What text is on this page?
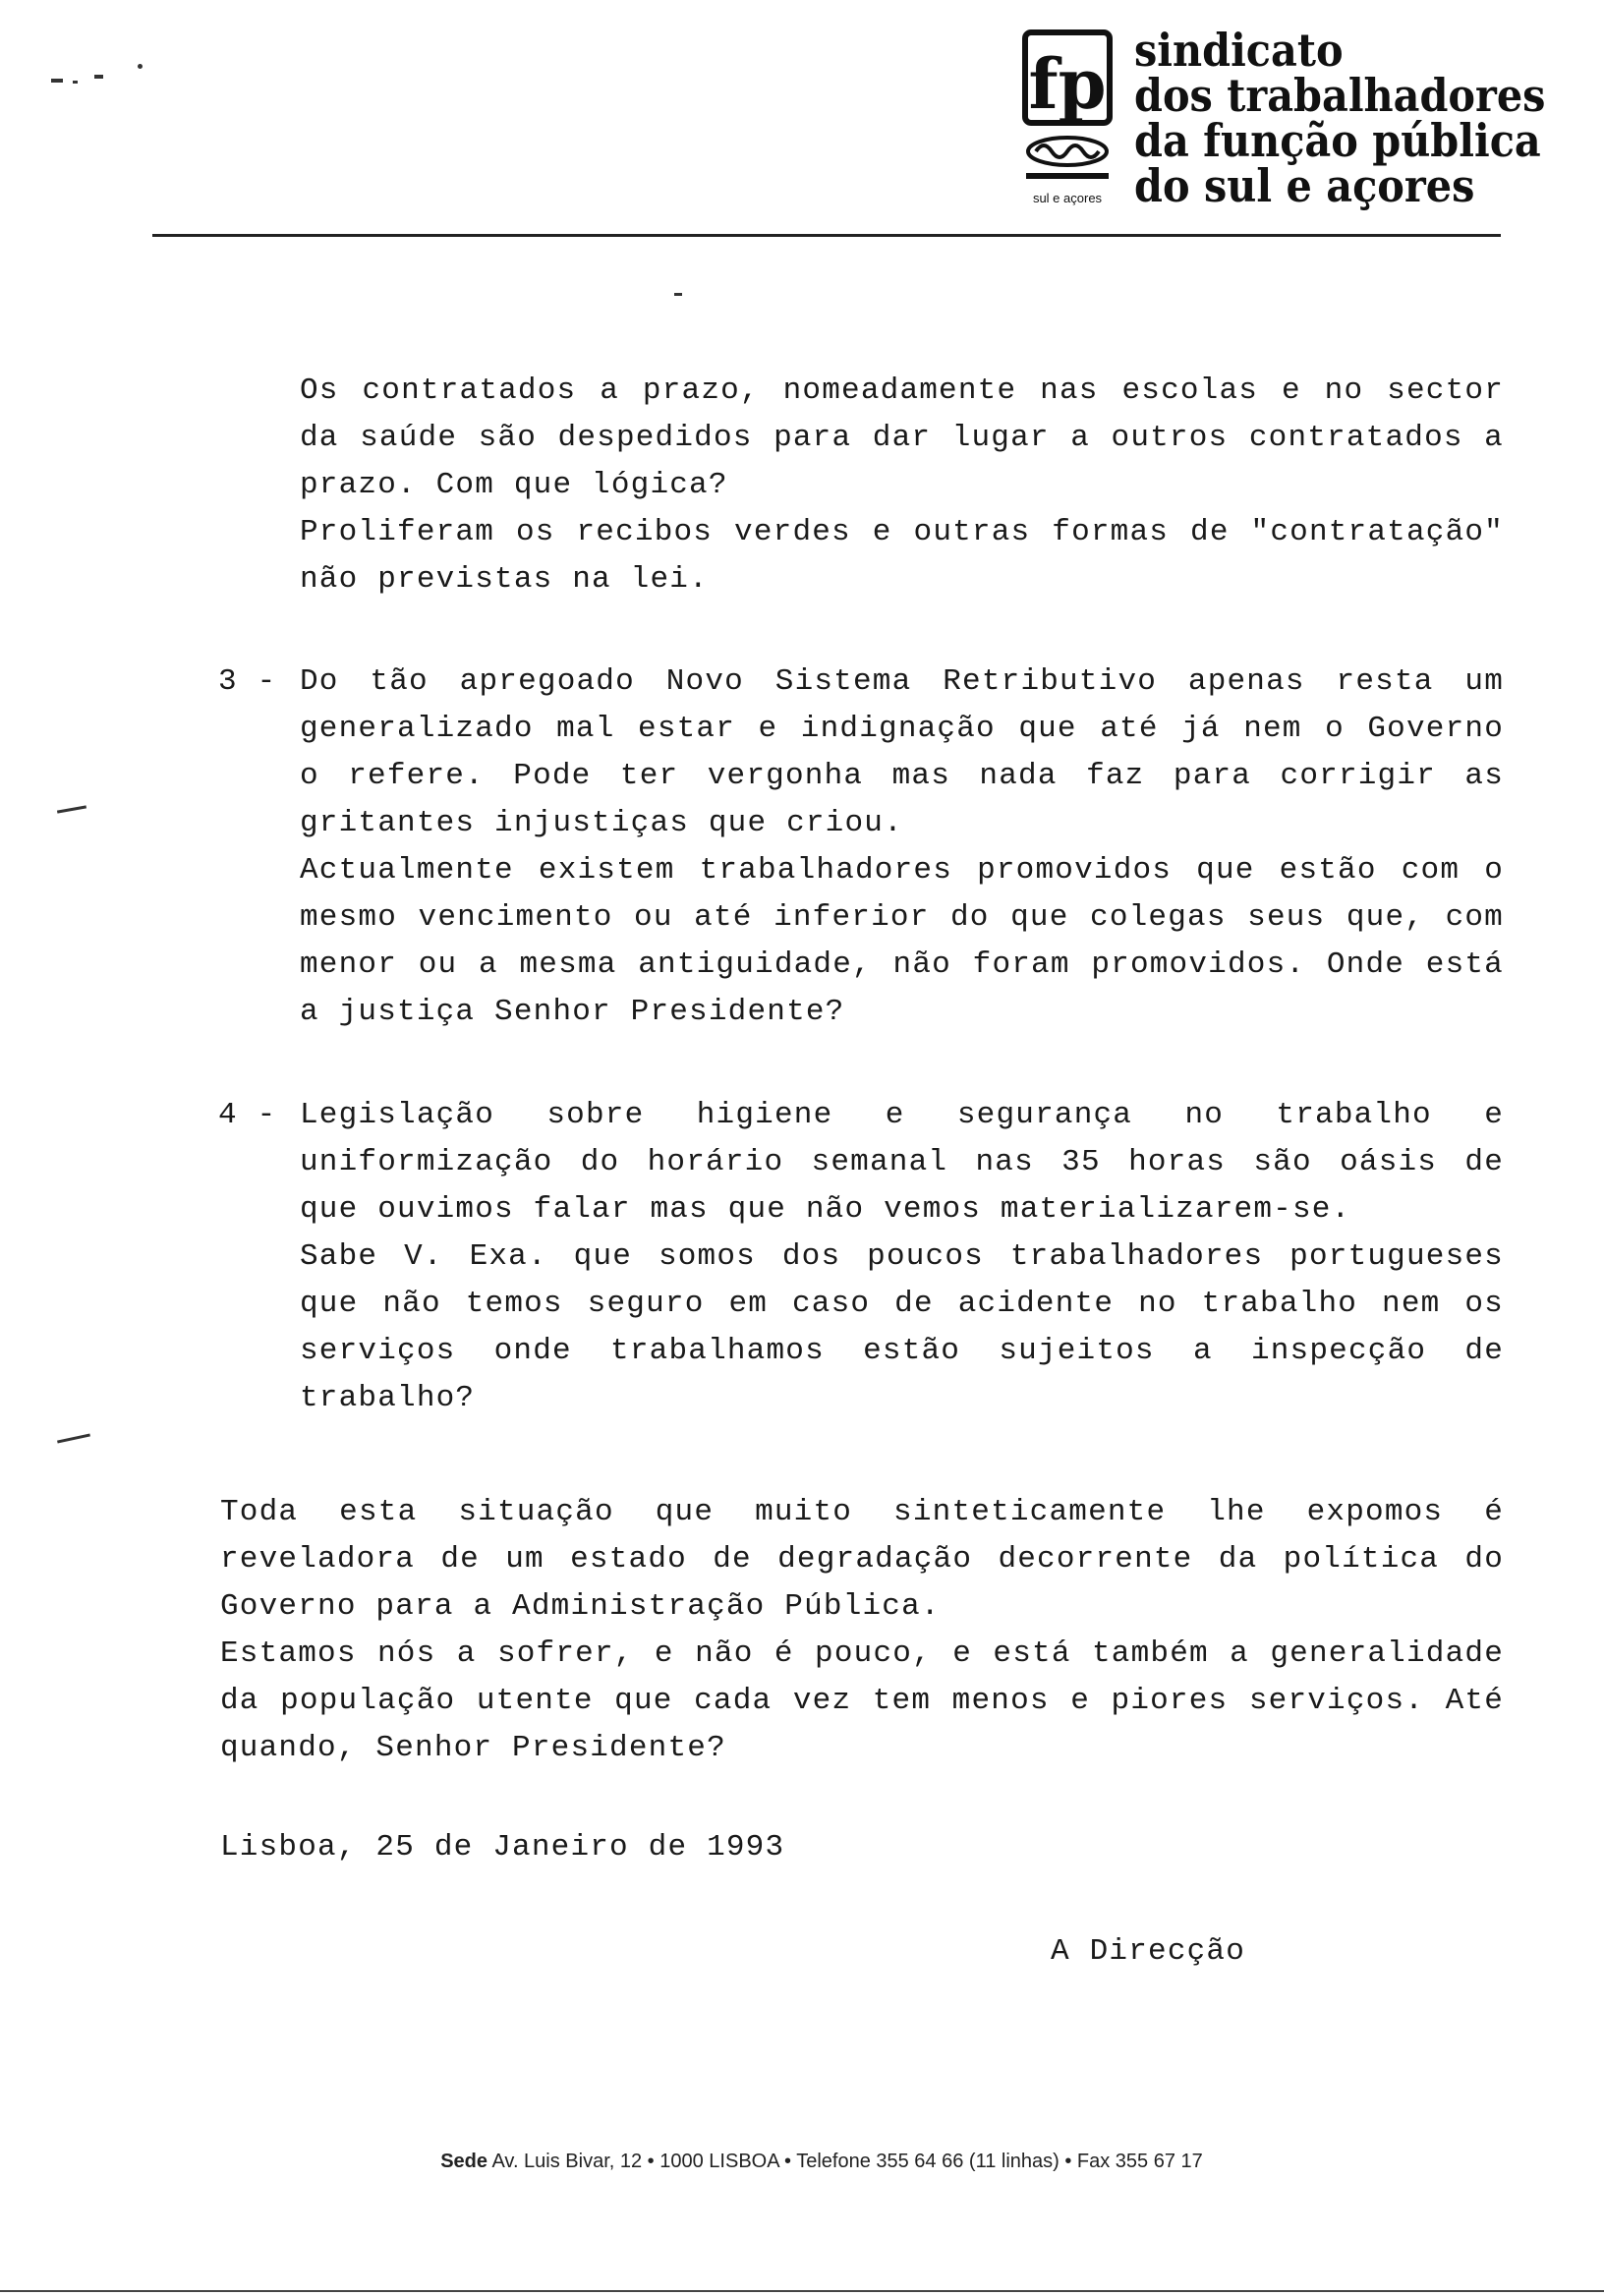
fp
sul e açores
sindicato
dos trabalhadores
da função pública
do sul e açores

Os contratados a prazo, nomeadamente nas escolas e no sector da saúde são despedidos para dar lugar a outros contratados a prazo. Com que lógica?

Proliferam os recibos verdes e outras formas de "contratação" não previstas na lei.

3 - Do tão apregoado Novo Sistema Retributivo apenas resta um generalizado mal estar e indignação que até já nem o Governo o refere. Pode ter vergonha mas nada faz para corrigir as gritantes injustiças que criou.

Actualmente existem trabalhadores promovidos que estão com o mesmo vencimento ou até inferior do que colegas seus que, com menor ou a mesma antiguidade, não foram promovidos. Onde está a justiça Senhor Presidente?

4 - Legislação sobre higiene e segurança no trabalho e uniformização do horário semanal nas 35 horas são oásis de que ouvimos falar mas que não vemos materializarem-se.

Sabe V. Exa. que somos dos poucos trabalhadores portugueses que não temos seguro em caso de acidente no trabalho nem os serviços onde trabalhamos estão sujeitos a inspecção de trabalho?

Toda esta situação que muito sinteticamente lhe expomos é reveladora de um estado de degradação decorrente da política do Governo para a Administração Pública.

Estamos nós a sofrer, e não é pouco, e está também a generalidade da população utente que cada vez tem menos e piores serviços. Até quando, Senhor Presidente?

Lisboa, 25 de Janeiro de 1993
A Direcção
Sede Av. Luis Bivar, 12 • 1000 LISBOA • Telefone 355 64 66 (11 linhas) • Fax 355 67 17
